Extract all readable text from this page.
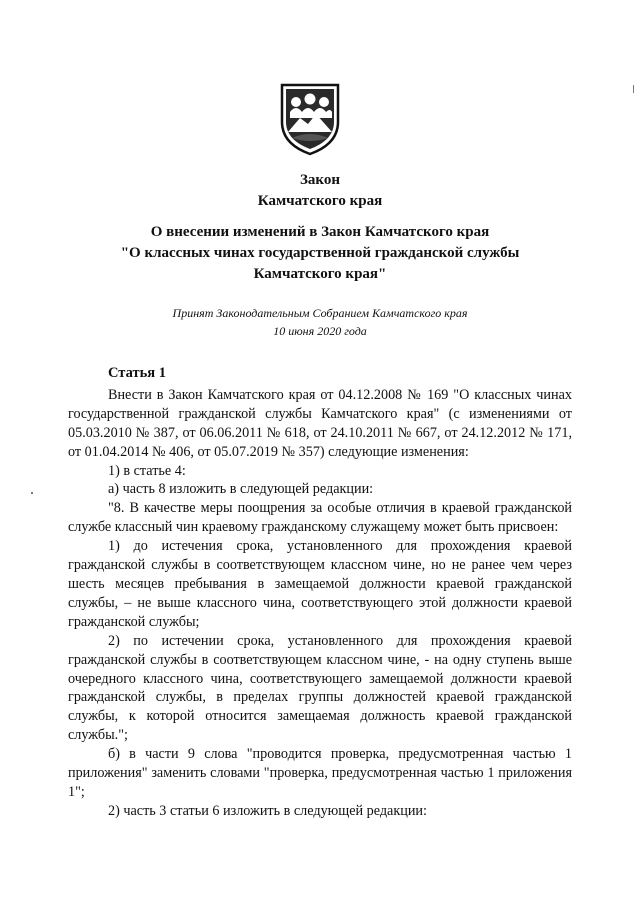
Закон
Камчатского края
О внесении изменений в Закон Камчатского края
"О классных чинах государственной гражданской службы
Камчатского края"
Принят Законодательным Собранием Камчатского края
10 июня 2020 года
Статья 1

Внести в Закон Камчатского края от 04.12.2008 № 169 "О классных чинах государственной гражданской службы Камчатского края" (с изменениями от 05.03.2010 № 387, от 06.06.2011 № 618, от 24.10.2011 № 667, от 24.12.2012 № 171, от 01.04.2014 № 406, от 05.07.2019 № 357) следующие изменения:

1) в статье 4:

а) часть 8 изложить в следующей редакции:

"8. В качестве меры поощрения за особые отличия в краевой гражданской службе классный чин краевому гражданскому служащему может быть присвоен:

1) до истечения срока, установленного для прохождения краевой гражданской службы в соответствующем классном чине, но не ранее чем через шесть месяцев пребывания в замещаемой должности краевой гражданской службы, – не выше классного чина, соответствующего этой должности краевой гражданской службы;

2) по истечении срока, установленного для прохождения краевой гражданской службы в соответствующем классном чине, - на одну ступень выше очередного классного чина, соответствующего замещаемой должности краевой гражданской службы, в пределах группы должностей краевой гражданской службы, к которой относится замещаемая должность краевой гражданской службы.";

б) в части 9 слова "проводится проверка, предусмотренная частью 1 приложения" заменить словами "проверка, предусмотренная частью 1 приложения 1";

2) часть 3 статьи 6 изложить в следующей редакции:
